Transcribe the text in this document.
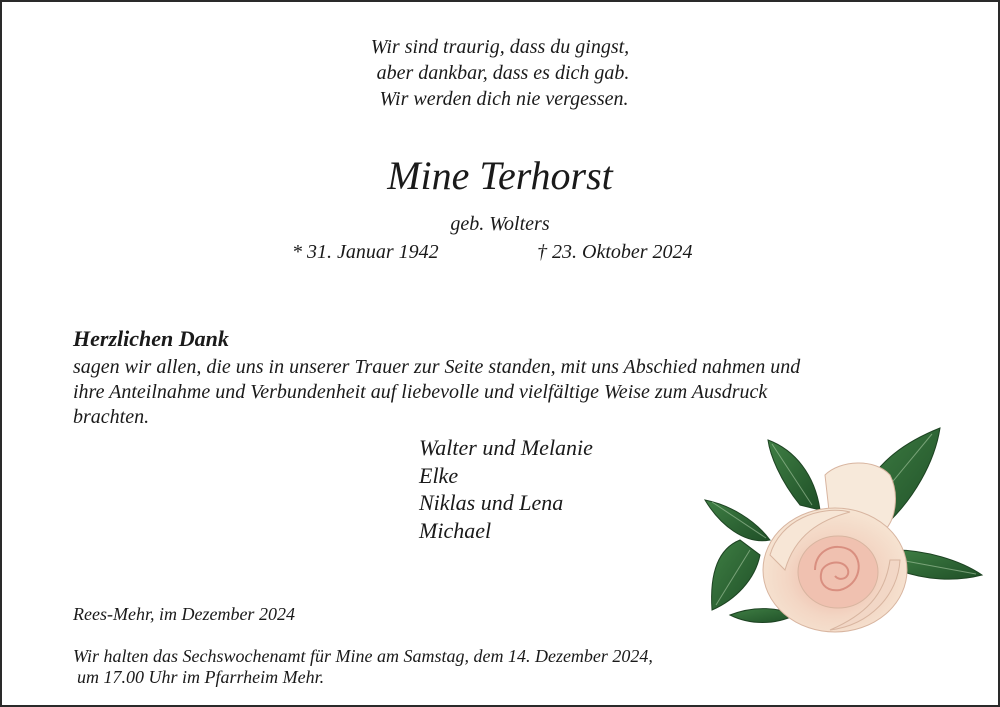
Wir sind traurig, dass du gingst,
aber dankbar, dass es dich gab.
Wir werden dich nie vergessen.
Mine Terhorst
geb. Wolters
* 31. Januar 1942	† 23. Oktober 2024
Herzlichen Dank
sagen wir allen, die uns in unserer Trauer zur Seite standen, mit uns Abschied nahmen und
ihre Anteilnahme und Verbundenheit auf liebevolle und vielfältige Weise zum Ausdruck
brachten.
Walter und Melanie
Elke
Niklas und Lena
Michael
Rees-Mehr, im Dezember 2024
Wir halten das Sechswochenamt für Mine am Samstag, dem 14. Dezember 2024,
um 17.00 Uhr im Pfarrheim Mehr.
